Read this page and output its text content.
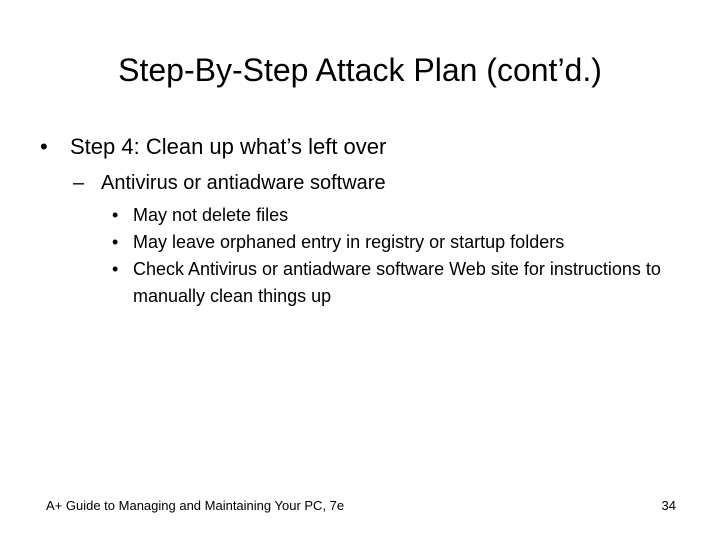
Step-By-Step Attack Plan (cont’d.)
• Step 4: Clean up what’s left over
– Antivirus or antiadware software
• May not delete files
• May leave orphaned entry in registry or startup folders
• Check Antivirus or antiadware software Web site for instructions to manually clean things up
A+ Guide to Managing and Maintaining Your PC, 7e	34
